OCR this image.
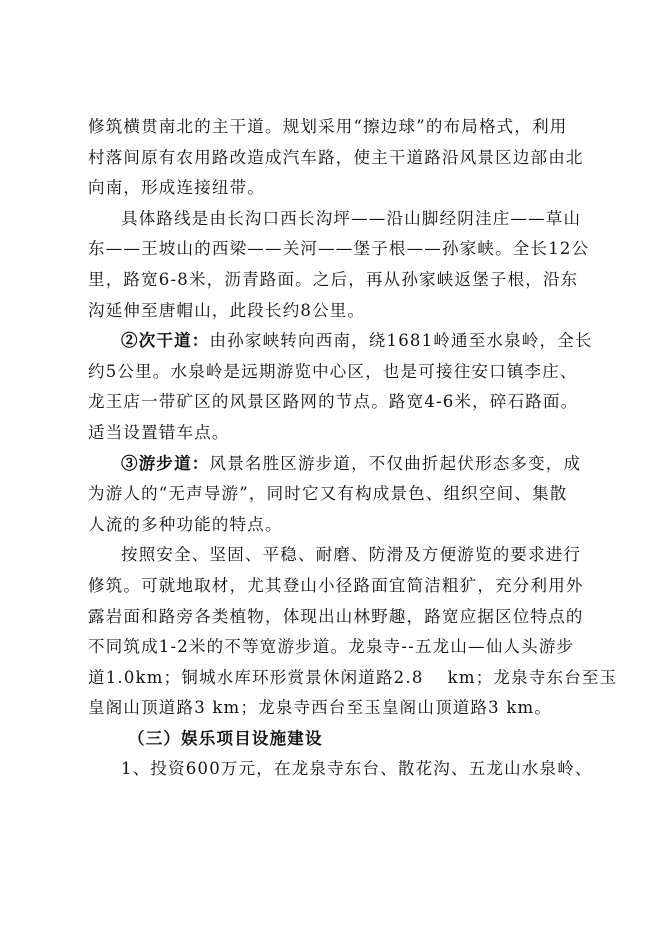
修筑横贯南北的主干道。规划采用“擦边球”的布局格式，利用
村落间原有农用路改造成汽车路，使主干道路沿风景区边部由北
向南，形成连接纽带。
具体路线是由长沟口西长沟坪——沿山脚经阴洼庄——草山
东——王坡山的西梁——关河——堡子根——孙家峡。全长12公
里，路宽6-8米，沥青路面。之后，再从孙家峡返堡子根，沿东
沟延伸至唐帽山，此段长约8公里。
②次干道：由孙家峡转向西南，绕1681岭通至水泉岭，全长
约5公里。水泉岭是远期游览中心区，也是可接往安口镇李庄、
龙王店一带矿区的风景区路网的节点。路宽4-6米，碎石路面。
适当设置错车点。
③游步道：风景名胜区游步道，不仅曲折起伏形态多变，成
为游人的“无声导游”，同时它又有构成景色、组织空间、集散
人流的多种功能的特点。
按照安全、坚固、平稳、耐磨、防滑及方便游览的要求进行
修筑。可就地取材，尤其登山小径路面宜简洁粗犷，充分利用外
露岩面和路旁各类植物，体现出山林野趣，路宽应据区位特点的
不同筑成1-2米的不等宽游步道。龙泉寺--五龙山—仙人头游步
道1.0km；铜城水库环形赏景休闲道路2.8　 km；龙泉寺东台至玉
皇阁山顶道路3 km；龙泉寺西台至玉皇阁山顶道路3 km。
（三）娱乐项目设施建设
1、投资600万元，在龙泉寺东台、散花沟、五龙山水泉岭、
